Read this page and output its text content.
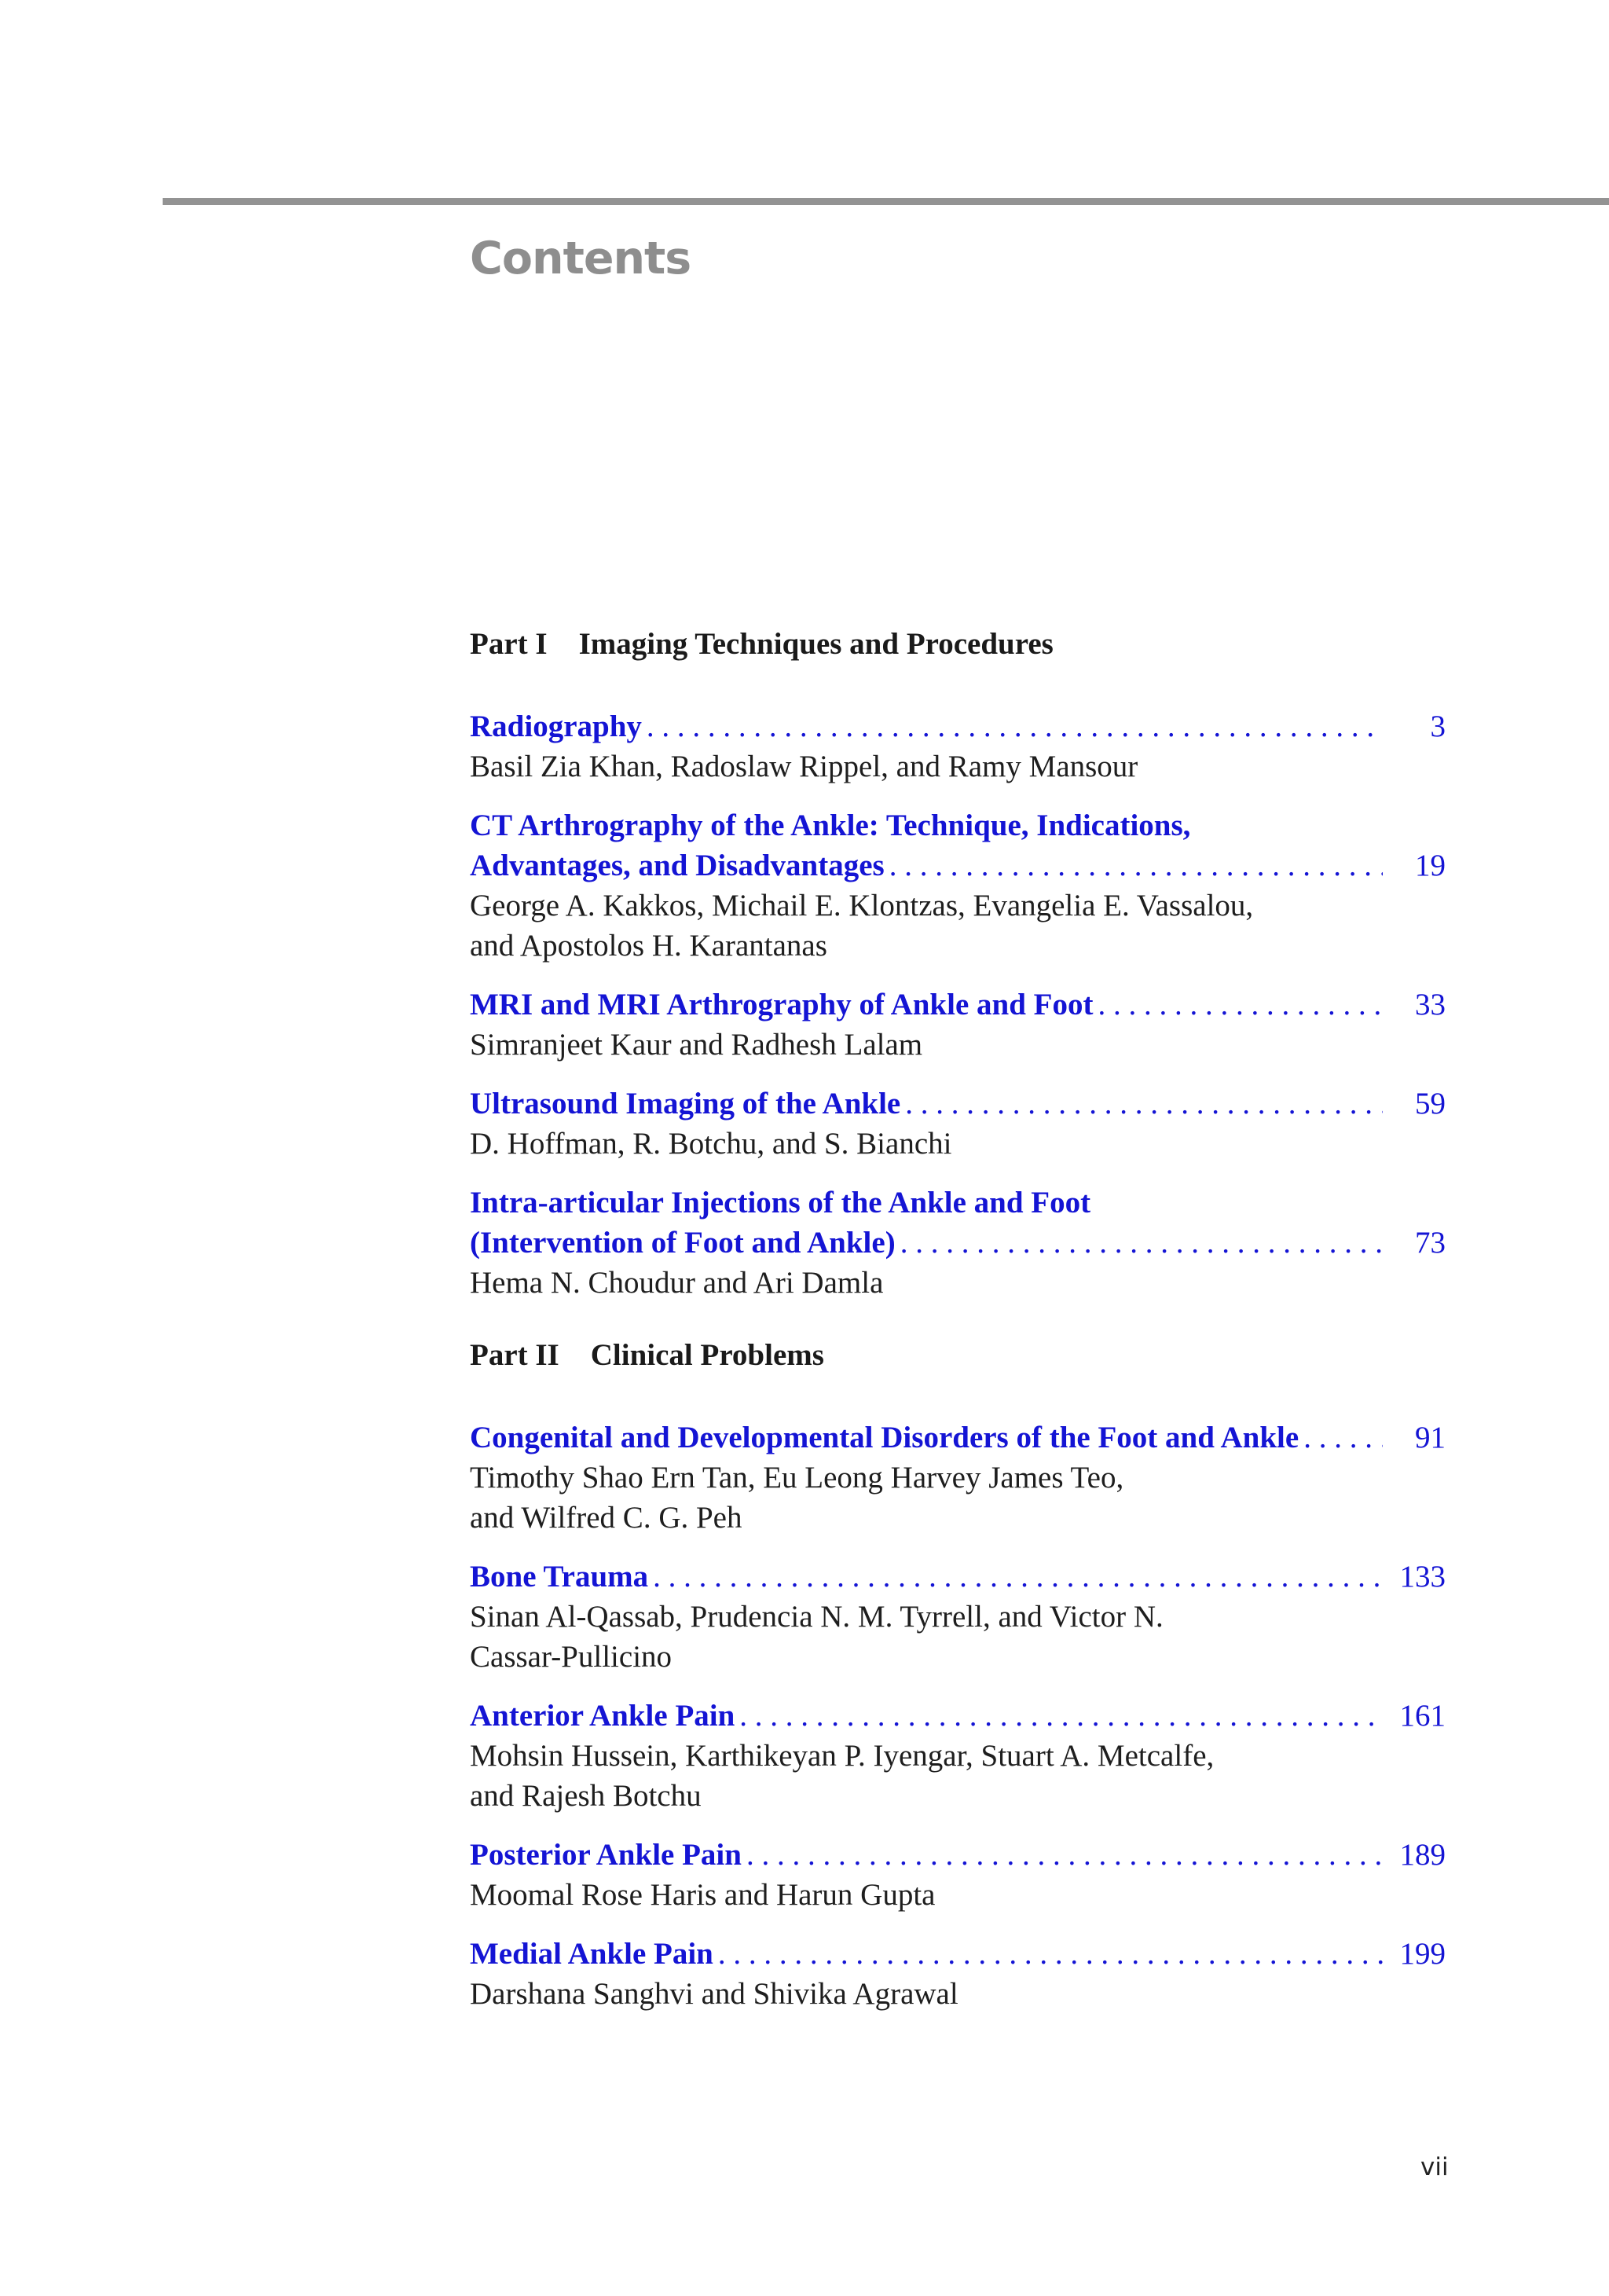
Contents
Part I Imaging Techniques and Procedures
Radiography . . .	3
Basil Zia Khan, Radoslaw Rippel, and Ramy Mansour
CT Arthrography of the Ankle: Technique, Indications,
Advantages, and Disadvantages . . .	19
George A. Kakkos, Michail E. Klontzas, Evangelia E. Vassalou,
and Apostolos H. Karantanas
MRI and MRI Arthrography of Ankle and Foot . . .	33
Simranjeet Kaur and Radhesh Lalam
Ultrasound Imaging of the Ankle . . .	59
D. Hoffman, R. Botchu, and S. Bianchi
Intra-articular Injections of the Ankle and Foot
(Intervention of Foot and Ankle) . . .	73
Hema N. Choudur and Ari Damla
Part II Clinical Problems
Congenital and Developmental Disorders of the Foot and Ankle . . .	91
Timothy Shao Ern Tan, Eu Leong Harvey James Teo,
and Wilfred C. G. Peh
Bone Trauma . . .	133
Sinan Al-Qassab, Prudencia N. M. Tyrrell, and Victor N.
Cassar-Pullicino
Anterior Ankle Pain . . .	161
Mohsin Hussein, Karthikeyan P. Iyengar, Stuart A. Metcalfe,
and Rajesh Botchu
Posterior Ankle Pain . . .	189
Moomal Rose Haris and Harun Gupta
Medial Ankle Pain . . .	199
Darshana Sanghvi and Shivika Agrawal
vii
